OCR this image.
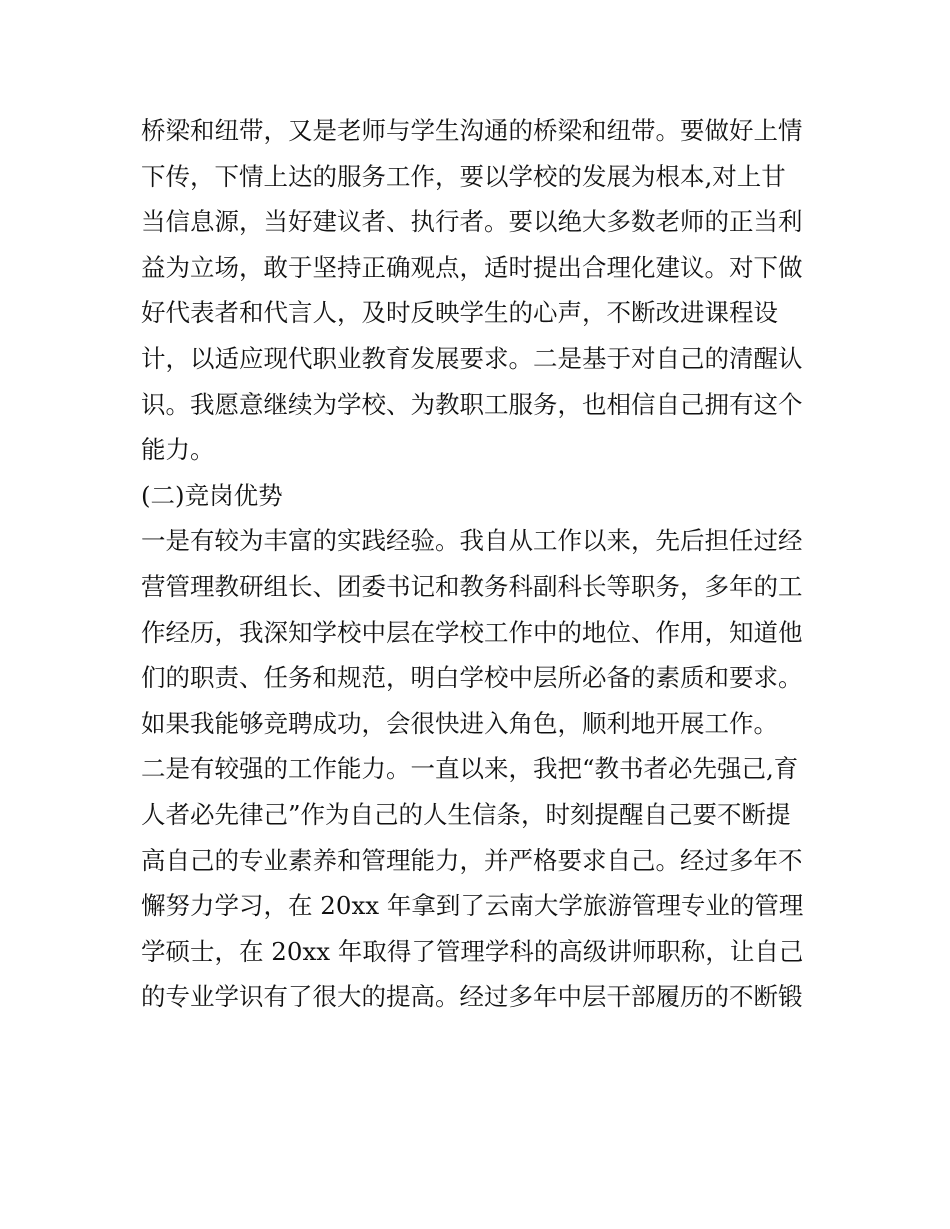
桥梁和纽带，又是老师与学生沟通的桥梁和纽带。要做好上情
下传，下情上达的服务工作，要以学校的发展为根本,对上甘
当信息源，当好建议者、执行者。要以绝大多数老师的正当利
益为立场，敢于坚持正确观点，适时提出合理化建议。对下做
好代表者和代言人，及时反映学生的心声，不断改进课程设
计，以适应现代职业教育发展要求。二是基于对自己的清醒认
识。我愿意继续为学校、为教职工服务，也相信自己拥有这个
能力。
(二)竞岗优势
一是有较为丰富的实践经验。我自从工作以来，先后担任过经
营管理教研组长、团委书记和教务科副科长等职务，多年的工
作经历，我深知学校中层在学校工作中的地位、作用，知道他
们的职责、任务和规范，明白学校中层所必备的素质和要求。
如果我能够竞聘成功，会很快进入角色，顺利地开展工作。
二是有较强的工作能力。一直以来，我把“教书者必先强己,育
人者必先律己”作为自己的人生信条，时刻提醒自己要不断提
高自己的专业素养和管理能力，并严格要求自己。经过多年不
懈努力学习，在 20xx 年拿到了云南大学旅游管理专业的管理
学硕士，在 20xx 年取得了管理学科的高级讲师职称，让自己
的专业学识有了很大的提高。经过多年中层干部履历的不断锻
